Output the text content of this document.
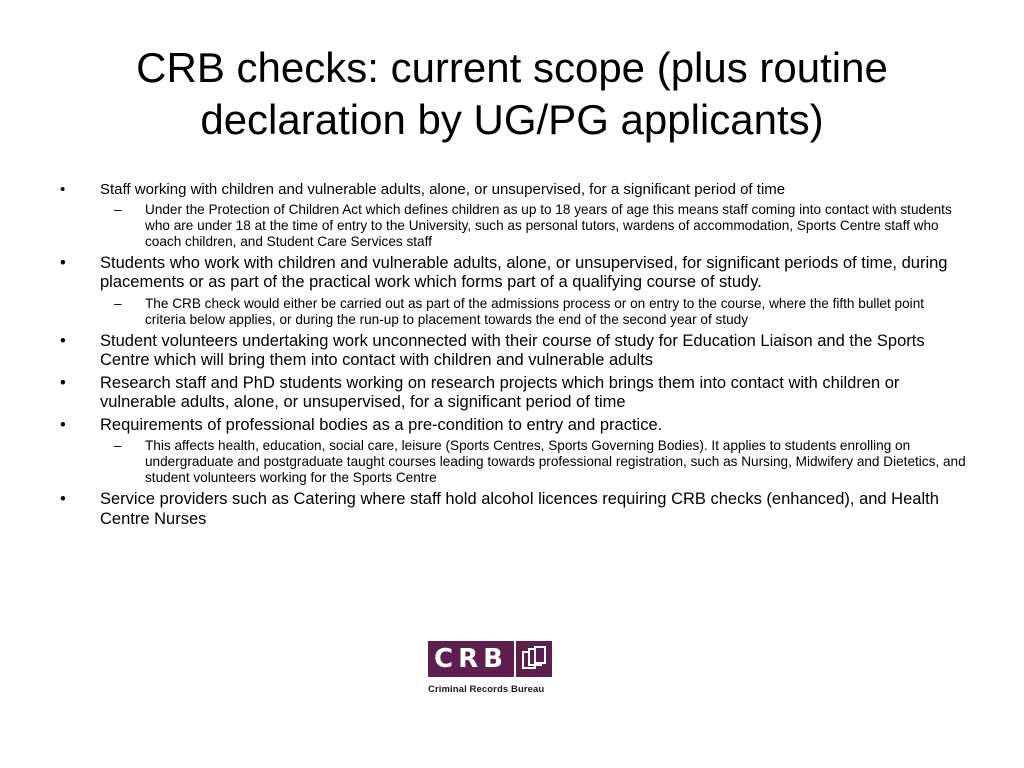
CRB checks: current scope (plus routine
declaration by UG/PG applicants)
• Staff working with children and vulnerable adults, alone, or unsupervised, for a significant period of time
– Under the Protection of Children Act which defines children as up to 18 years of age this means staff coming into contact with students who are under 18 at the time of entry to the University, such as personal tutors, wardens of accommodation, Sports Centre staff who coach children, and Student Care Services staff
• Students who work with children and vulnerable adults, alone, or unsupervised, for significant periods of time, during placements or as part of the practical work which forms part of a qualifying course of study.
– The CRB check would either be carried out as part of the admissions process or on entry to the course, where the fifth bullet point criteria below applies, or during the run-up to placement towards the end of the second year of study
• Student volunteers undertaking work unconnected with their course of study for Education Liaison and the Sports Centre which will bring them into contact with children and vulnerable adults
• Research staff and PhD students working on research projects which brings them into contact with children or vulnerable adults, alone, or unsupervised, for a significant period of time
• Requirements of professional bodies as a pre-condition to entry and practice.
– This affects health, education, social care, leisure (Sports Centres, Sports Governing Bodies). It applies to students enrolling on undergraduate and postgraduate taught courses leading towards professional registration, such as Nursing, Midwifery and Dietetics, and student volunteers working for the Sports Centre
• Service providers such as Catering where staff hold alcohol licences requiring CRB checks (enhanced), and Health Centre Nurses
CRB
Criminal Records Bureau
